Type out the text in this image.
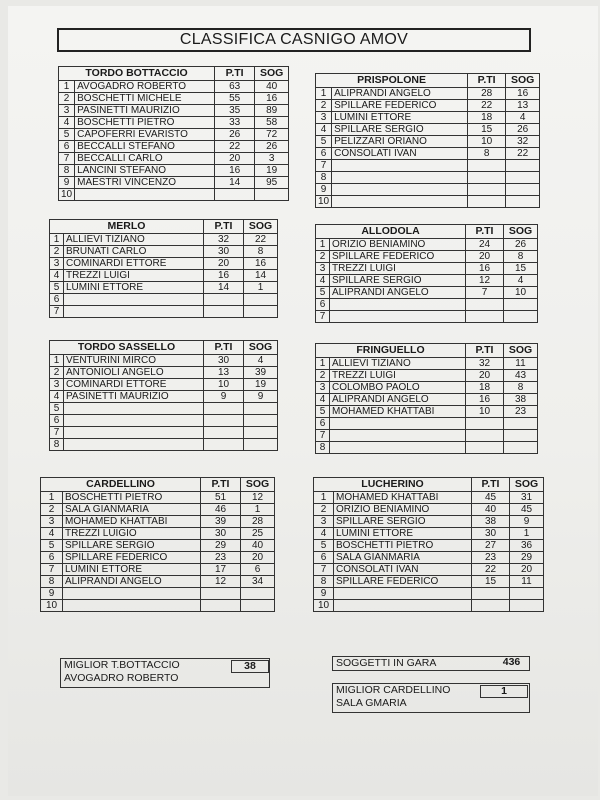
CLASSIFICA CASNIGO AMOV
TORDO BOTTACCIO		P.TI	SOG
1	AVOGADRO ROBERTO	63	40
2	BOSCHETTI MICHELE	55	16
3	PASINETTI MAURIZIO	35	89
4	BOSCHETTI PIETRO	33	58
5	CAPOFERRI EVARISTO	26	72
6	BECCALLI STEFANO	22	26
7	BECCALLI CARLO	20	3
8	LANCINI STEFANO	16	19
9	MAESTRI VINCENZO	14	95
10			
PRISPOLONE		P.TI	SOG
1	ALIPRANDI ANGELO	28	16
2	SPILLARE FEDERICO	22	13
3	LUMINI ETTORE	18	4
4	SPILLARE SERGIO	15	26
5	PELIZZARI ORIANO	10	32
6	CONSOLATI IVAN	8	22
7			
8			
9			
10			
MERLO		P.TI	SOG
1	ALLIEVI TIZIANO	32	22
2	BRUNATI CARLO	30	8
3	COMINARDI ETTORE	20	16
4	TREZZI LUIGI	16	14
5	LUMINI ETTORE	14	1
6			
7			
ALLODOLA		P.TI	SOG
1	ORIZIO BENIAMINO	24	26
2	SPILLARE FEDERICO	20	8
3	TREZZI LUIGI	16	15
4	SPILLARE SERGIO	12	4
5	ALIPRANDI ANGELO	7	10
6			
7			
TORDO SASSELLO		P.TI	SOG
1	VENTURINI MIRCO	30	4
2	ANTONIOLI ANGELO	13	39
3	COMINARDI ETTORE	10	19
4	PASINETTI MAURIZIO	9	9
5			
6			
7			
8			
FRINGUELLO		P.TI	SOG
1	ALLIEVI TIZIANO	32	11
2	TREZZI LUIGI	20	43
3	COLOMBO PAOLO	18	8
4	ALIPRANDI ANGELO	16	38
5	MOHAMED KHATTABI	10	23
6			
7			
8			
CARDELLINO		P.TI	SOG
1	BOSCHETTI PIETRO	51	12
2	SALA GIANMARIA	46	1
3	MOHAMED KHATTABI	39	28
4	TREZZI LUIGIO	30	25
5	SPILLARE SERGIO	29	40
6	SPILLARE FEDERICO	23	20
7	LUMINI ETTORE	17	6
8	ALIPRANDI ANGELO	12	34
9			
10			
LUCHERINO		P.TI	SOG
1	MOHAMED KHATTABI	45	31
2	ORIZIO BENIAMINO	40	45
3	SPILLARE SERGIO	38	9
4	LUMINI ETTORE	30	1
5	BOSCHETTI PIETRO	27	36
6	SALA GIANMARIA	23	29
7	CONSOLATI IVAN	22	20
8	SPILLARE FEDERICO	15	11
9			
10			
MIGLIOR T.BOTTACCIO
AVOGADRO ROBERTO
38	SOGGETTI IN GARA	436
MIGLIOR CARDELLINO
SALA GMARIA
1
